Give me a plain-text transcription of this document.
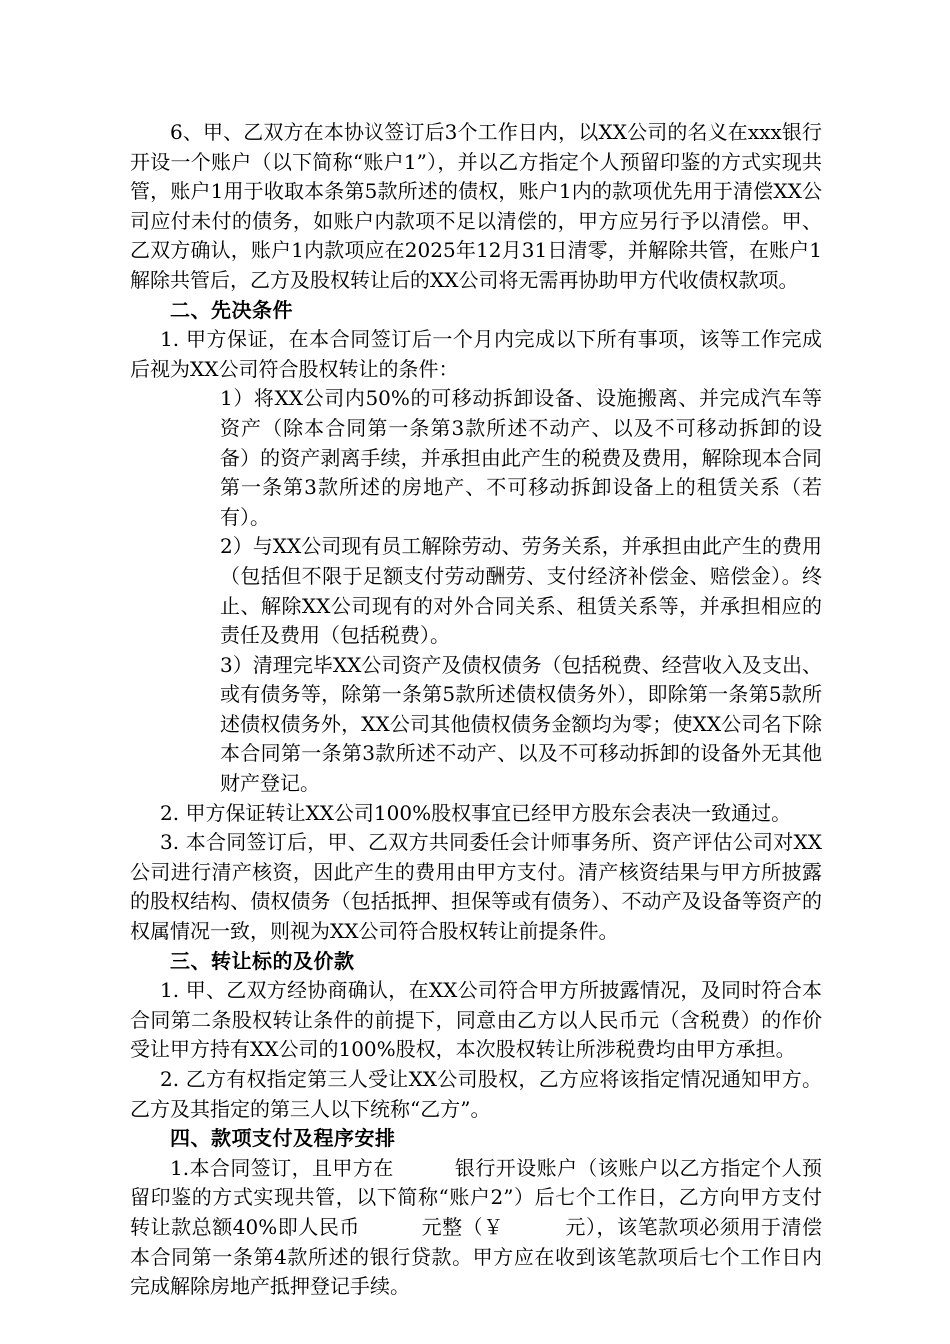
6、甲、乙双方在本协议签订后3个工作日内，以XX公司的名义在xxx银行开设一个账户（以下简称“账户1”），并以乙方指定个人预留印鉴的方式实现共管，账户1用于收取本条第5款所述的债权，账户1内的款项优先用于清偿XX公司应付未付的债务，如账户内款项不足以清偿的，甲方应另行予以清偿。甲、乙双方确认，账户1内款项应在2025年12月31日清零，并解除共管，在账户1解除共管后，乙方及股权转让后的XX公司将无需再协助甲方代收债权款项。

二、先决条件

1. 甲方保证，在本合同签订后一个月内完成以下所有事项，该等工作完成后视为XX公司符合股权转让的条件：

1）将XX公司内50%的可移动拆卸设备、设施搬离、并完成汽车等资产（除本合同第一条第3款所述不动产、以及不可移动拆卸的设备）的资产剥离手续，并承担由此产生的税费及费用，解除现本合同第一条第3款所述的房地产、不可移动拆卸设备上的租赁关系（若有）。

2）与XX公司现有员工解除劳动、劳务关系，并承担由此产生的费用（包括但不限于足额支付劳动酬劳、支付经济补偿金、赔偿金）。终止、解除XX公司现有的对外合同关系、租赁关系等，并承担相应的责任及费用（包括税费）。

3）清理完毕XX公司资产及债权债务（包括税费、经营收入及支出、或有债务等，除第一条第5款所述债权债务外），即除第一条第5款所述债权债务外，XX公司其他债权债务金额均为零；使XX公司名下除本合同第一条第3款所述不动产、以及不可移动拆卸的设备外无其他财产登记。

2. 甲方保证转让XX公司100%股权事宜已经甲方股东会表决一致通过。

3. 本合同签订后，甲、乙双方共同委任会计师事务所、资产评估公司对XX公司进行清产核资，因此产生的费用由甲方支付。清产核资结果与甲方所披露的股权结构、债权债务（包括抵押、担保等或有债务）、不动产及设备等资产的权属情况一致，则视为XX公司符合股权转让前提条件。

三、转让标的及价款

1. 甲、乙双方经协商确认，在XX公司符合甲方所披露情况，及同时符合本合同第二条股权转让条件的前提下，同意由乙方以人民币元（含税费）的作价受让甲方持有XX公司的100%股权，本次股权转让所涉税费均由甲方承担。

2. 乙方有权指定第三人受让XX公司股权，乙方应将该指定情况通知甲方。乙方及其指定的第三人以下统称“乙方”。

四、款项支付及程序安排

1.本合同签订，且甲方在　　　银行开设账户（该账户以乙方指定个人预留印鉴的方式实现共管，以下简称“账户2”）后七个工作日，乙方向甲方支付转让款总额40%即人民币　　　元整（￥　　　元），该笔款项必须用于清偿本合同第一条第4款所述的银行贷款。甲方应在收到该笔款项后七个工作日内完成解除房地产抵押登记手续。
